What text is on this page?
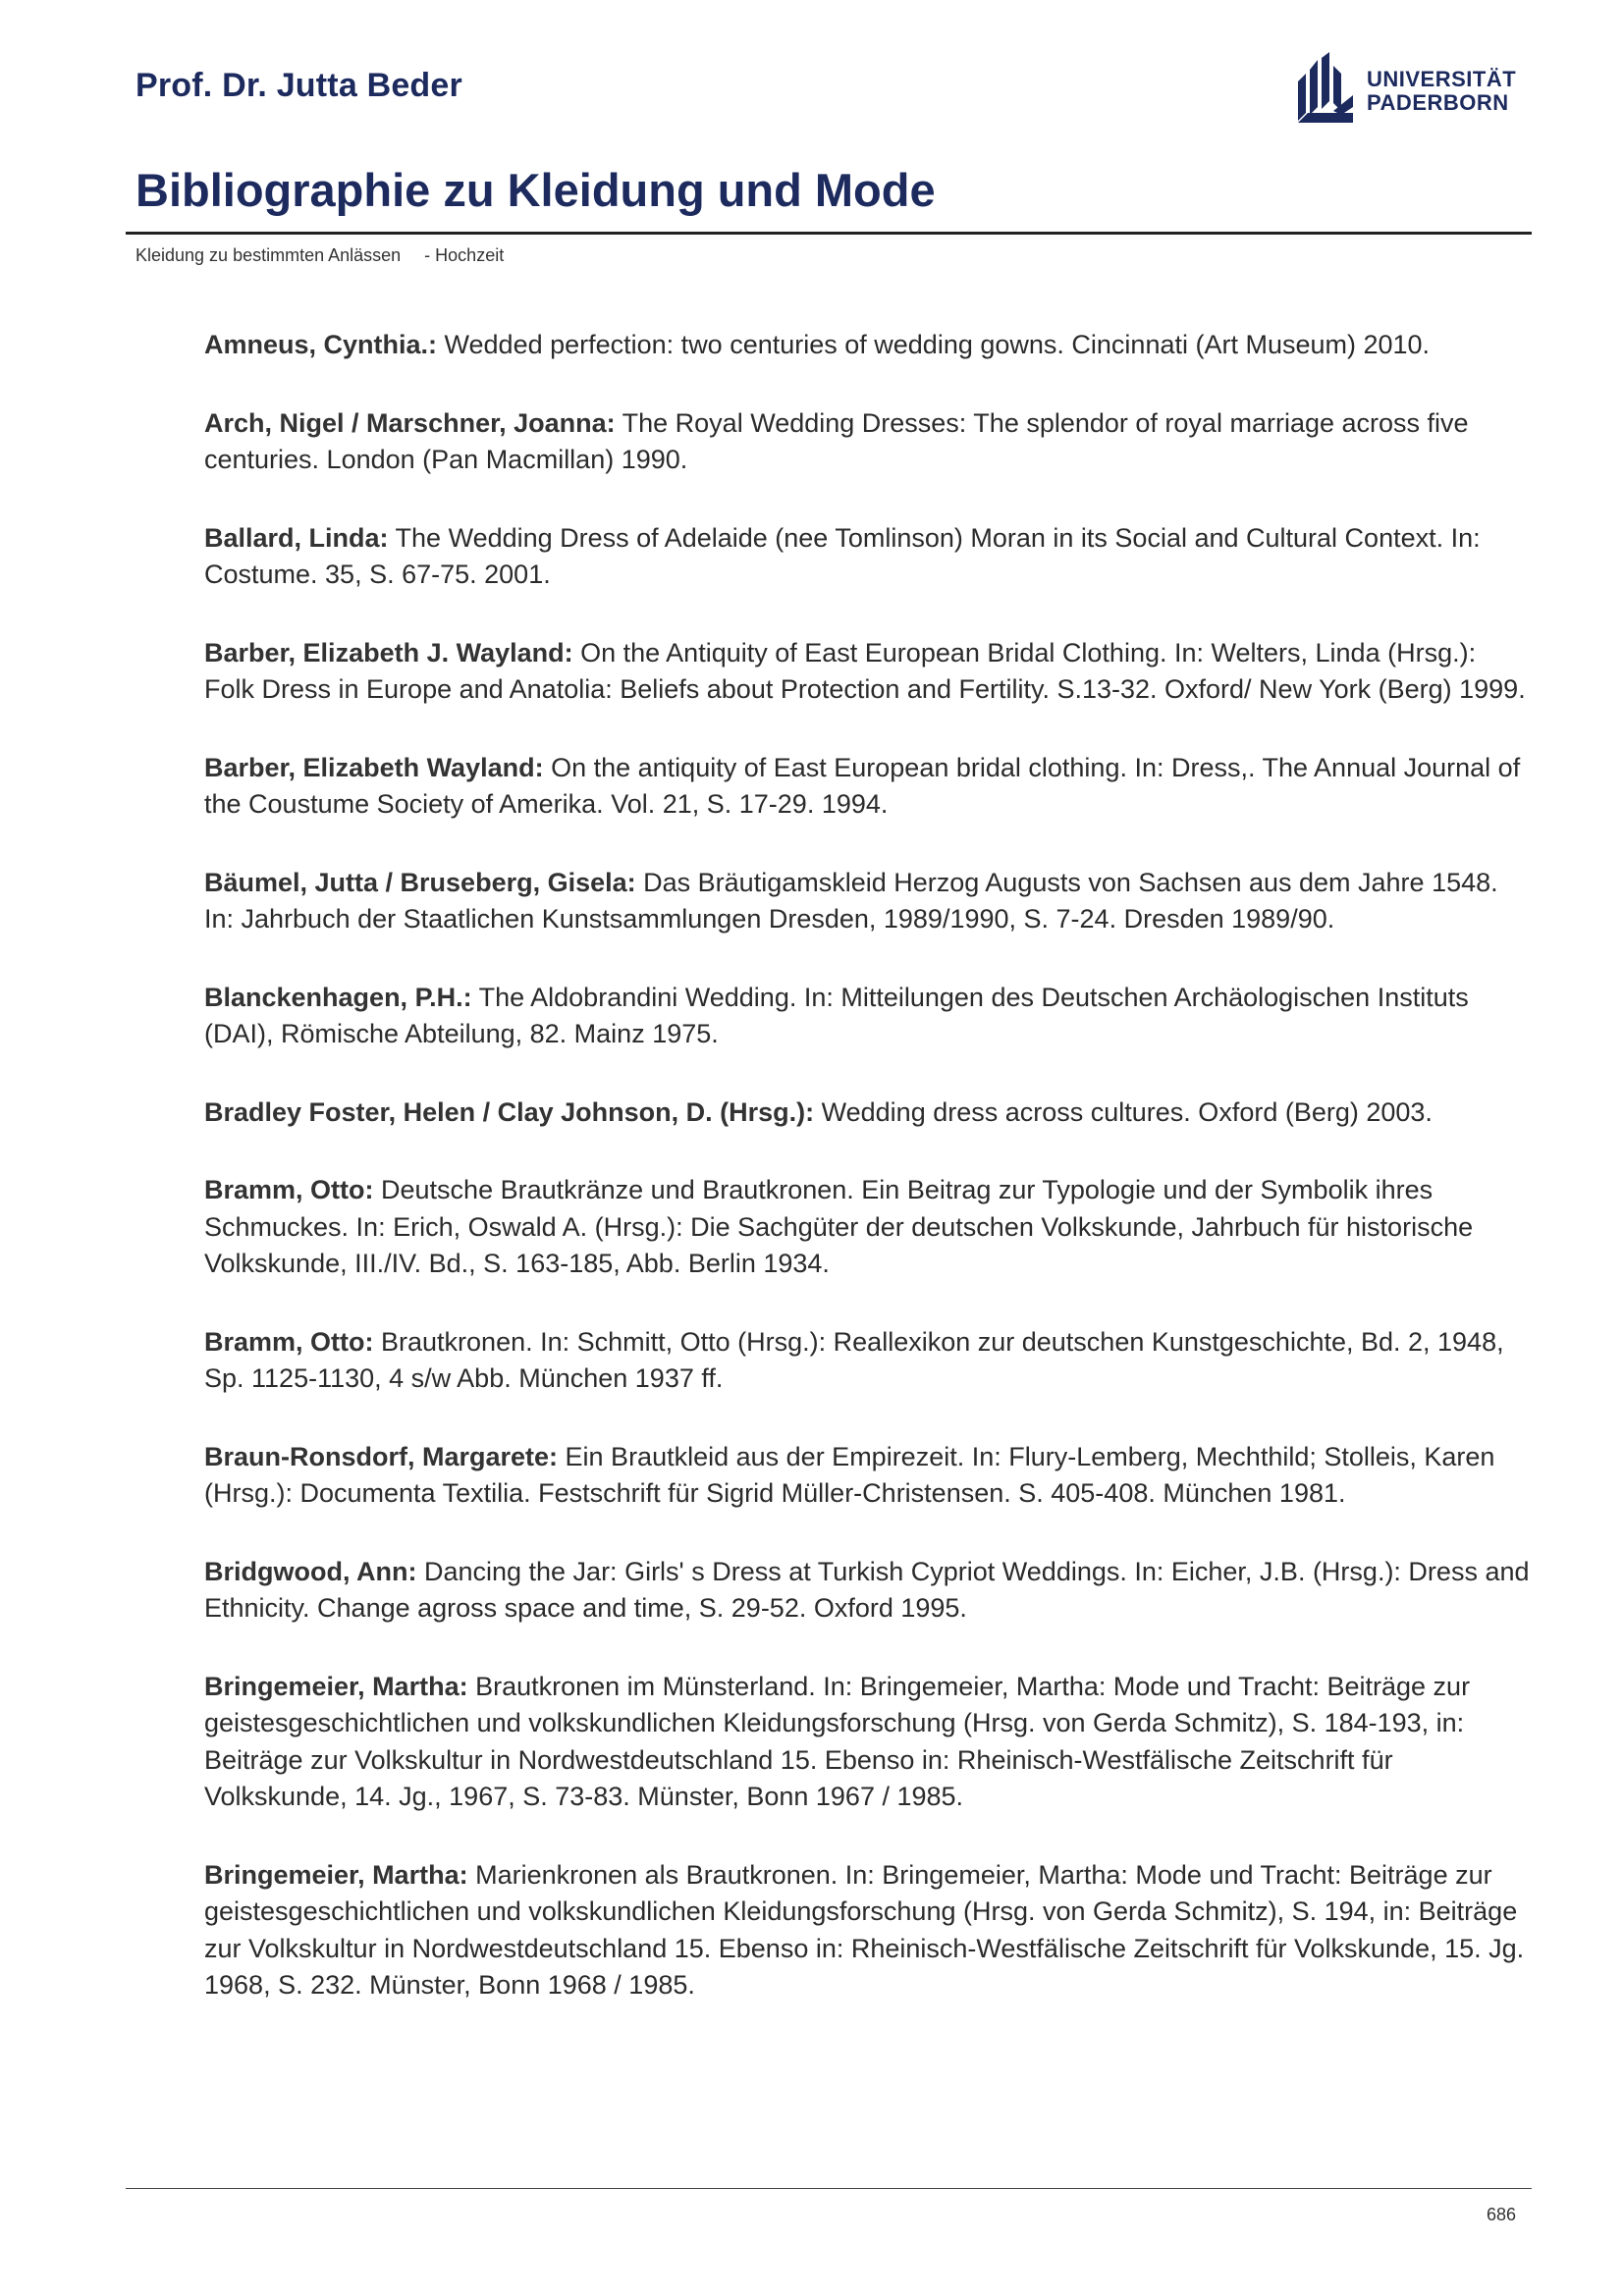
Prof. Dr. Jutta Beder	UNIVERSITÄT
PADERBORN
Bibliographie zu Kleidung und Mode
Kleidung zu bestimmten Anlässen - Hochzeit

Amneus, Cynthia.: Wedded perfection: two centuries of wedding gowns. Cincinnati (Art Museum) 2010.

Arch, Nigel / Marschner, Joanna: The Royal Wedding Dresses: The splendor of royal marriage across five centuries. London (Pan Macmillan) 1990.

Ballard, Linda: The Wedding Dress of Adelaide (nee Tomlinson) Moran in its Social and Cultural Context. In: Costume. 35, S. 67-75. 2001.

Barber, Elizabeth J. Wayland: On the Antiquity of East European Bridal Clothing. In: Welters, Linda (Hrsg.): Folk Dress in Europe and Anatolia: Beliefs about Protection and Fertility. S.13-32. Oxford/ New York (Berg) 1999.

Barber, Elizabeth Wayland: On the antiquity of East European bridal clothing. In: Dress,. The Annual Journal of the Coustume Society of Amerika. Vol. 21, S. 17-29. 1994.

Bäumel, Jutta / Bruseberg, Gisela: Das Bräutigamskleid Herzog Augusts von Sachsen aus dem Jahre 1548. In: Jahrbuch der Staatlichen Kunstsammlungen Dresden, 1989/1990, S. 7-24. Dresden 1989/90.

Blanckenhagen, P.H.: The Aldobrandini Wedding. In: Mitteilungen des Deutschen Archäologischen Instituts (DAI), Römische Abteilung, 82. Mainz 1975.

Bradley Foster, Helen / Clay Johnson, D. (Hrsg.): Wedding dress across cultures. Oxford (Berg) 2003.

Bramm, Otto: Deutsche Brautkränze und Brautkronen. Ein Beitrag zur Typologie und der Symbolik ihres Schmuckes. In: Erich, Oswald A. (Hrsg.): Die Sachgüter der deutschen Volkskunde, Jahrbuch für historische Volkskunde, III./IV. Bd., S. 163-185, Abb. Berlin 1934.

Bramm, Otto: Brautkronen. In: Schmitt, Otto (Hrsg.): Reallexikon zur deutschen Kunstgeschichte, Bd. 2, 1948, Sp. 1125-1130, 4 s/w Abb. München 1937 ff.

Braun-Ronsdorf, Margarete: Ein Brautkleid aus der Empirezeit. In: Flury-Lemberg, Mechthild; Stolleis, Karen (Hrsg.): Documenta Textilia. Festschrift für Sigrid Müller-Christensen. S. 405-408. München 1981.

Bridgwood, Ann: Dancing the Jar: Girls' s Dress at Turkish Cypriot Weddings. In: Eicher, J.B. (Hrsg.): Dress and Ethnicity. Change agross space and time, S. 29-52. Oxford 1995.

Bringemeier, Martha: Brautkronen im Münsterland. In: Bringemeier, Martha: Mode und Tracht: Beiträge zur geistesgeschichtlichen und volkskundlichen Kleidungsforschung (Hrsg. von Gerda Schmitz), S. 184-193, in: Beiträge zur Volkskultur in Nordwestdeutschland 15. Ebenso in: Rheinisch-Westfälische Zeitschrift für Volkskunde, 14. Jg., 1967, S. 73-83. Münster, Bonn 1967 / 1985.

Bringemeier, Martha: Marienkronen als Brautkronen. In: Bringemeier, Martha: Mode und Tracht: Beiträge zur geistesgeschichtlichen und volkskundlichen Kleidungsforschung (Hrsg. von Gerda Schmitz), S. 194, in: Beiträge zur Volkskultur in Nordwestdeutschland 15. Ebenso in: Rheinisch-Westfälische Zeitschrift für Volkskunde, 15. Jg. 1968, S. 232. Münster, Bonn 1968 / 1985.

686
